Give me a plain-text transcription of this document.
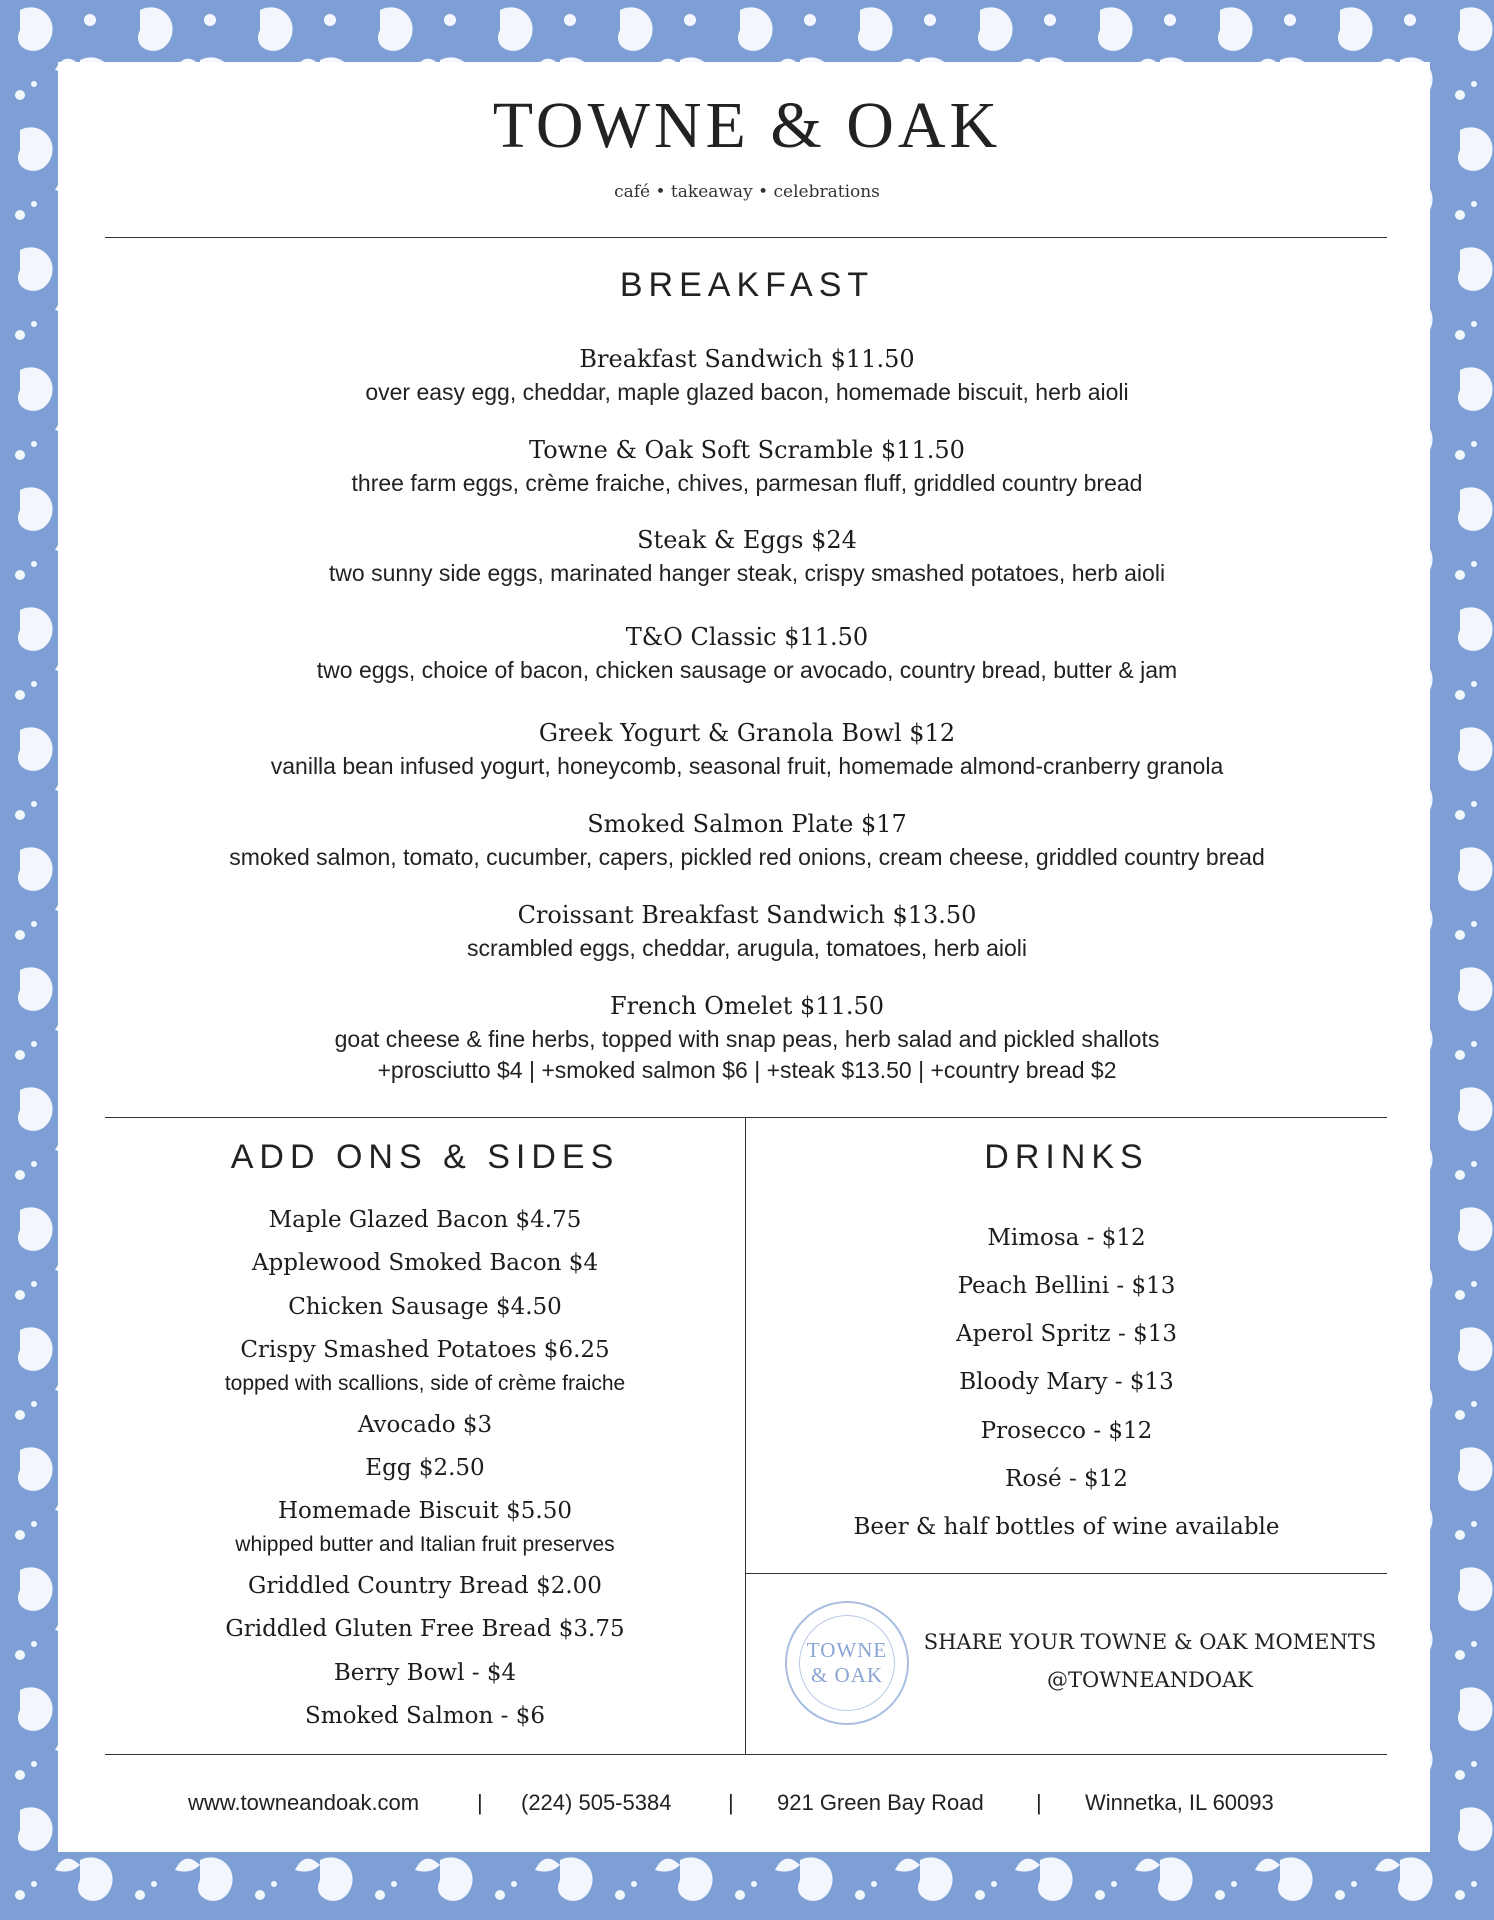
TOWNE & OAK
café • takeaway • celebrations
BREAKFAST
Breakfast Sandwich $11.50
over easy egg, cheddar, maple glazed bacon, homemade biscuit, herb aioli
Towne & Oak Soft Scramble $11.50
three farm eggs, crème fraiche, chives, parmesan fluff, griddled country bread
Steak & Eggs $24
two sunny side eggs, marinated hanger steak, crispy smashed potatoes, herb aioli
T&O Classic $11.50
two eggs, choice of bacon, chicken sausage or avocado, country bread, butter & jam
Greek Yogurt & Granola Bowl $12
vanilla bean infused yogurt, honeycomb, seasonal fruit, homemade almond-cranberry granola
Smoked Salmon Plate $17
smoked salmon, tomato, cucumber, capers, pickled red onions, cream cheese, griddled country bread
Croissant Breakfast Sandwich $13.50
scrambled eggs, cheddar, arugula, tomatoes, herb aioli
French Omelet $11.50
goat cheese & fine herbs, topped with snap peas, herb salad and pickled shallots
+prosciutto $4 | +smoked salmon $6 | +steak $13.50 | +country bread $2
ADD ONS & SIDES
Maple Glazed Bacon $4.75
Applewood Smoked Bacon $4
Chicken Sausage $4.50
Crispy Smashed Potatoes $6.25
topped with scallions, side of crème fraiche
Avocado $3
Egg $2.50
Homemade Biscuit $5.50
whipped butter and Italian fruit preserves
Griddled Country Bread $2.00
Griddled Gluten Free Bread $3.75
Berry Bowl - $4
Smoked Salmon - $6
DRINKS
Mimosa - $12
Peach Bellini - $13
Aperol Spritz - $13
Bloody Mary - $13
Prosecco - $12
Rosé - $12
Beer & half bottles of wine available
TOWNE
& OAK
SHARE YOUR TOWNE & OAK MOMENTS
@TOWNEANDOAK
www.towneandoak.com	| (224) 505-5384	| 921 Green Bay Road | Winnetka, IL 60093
